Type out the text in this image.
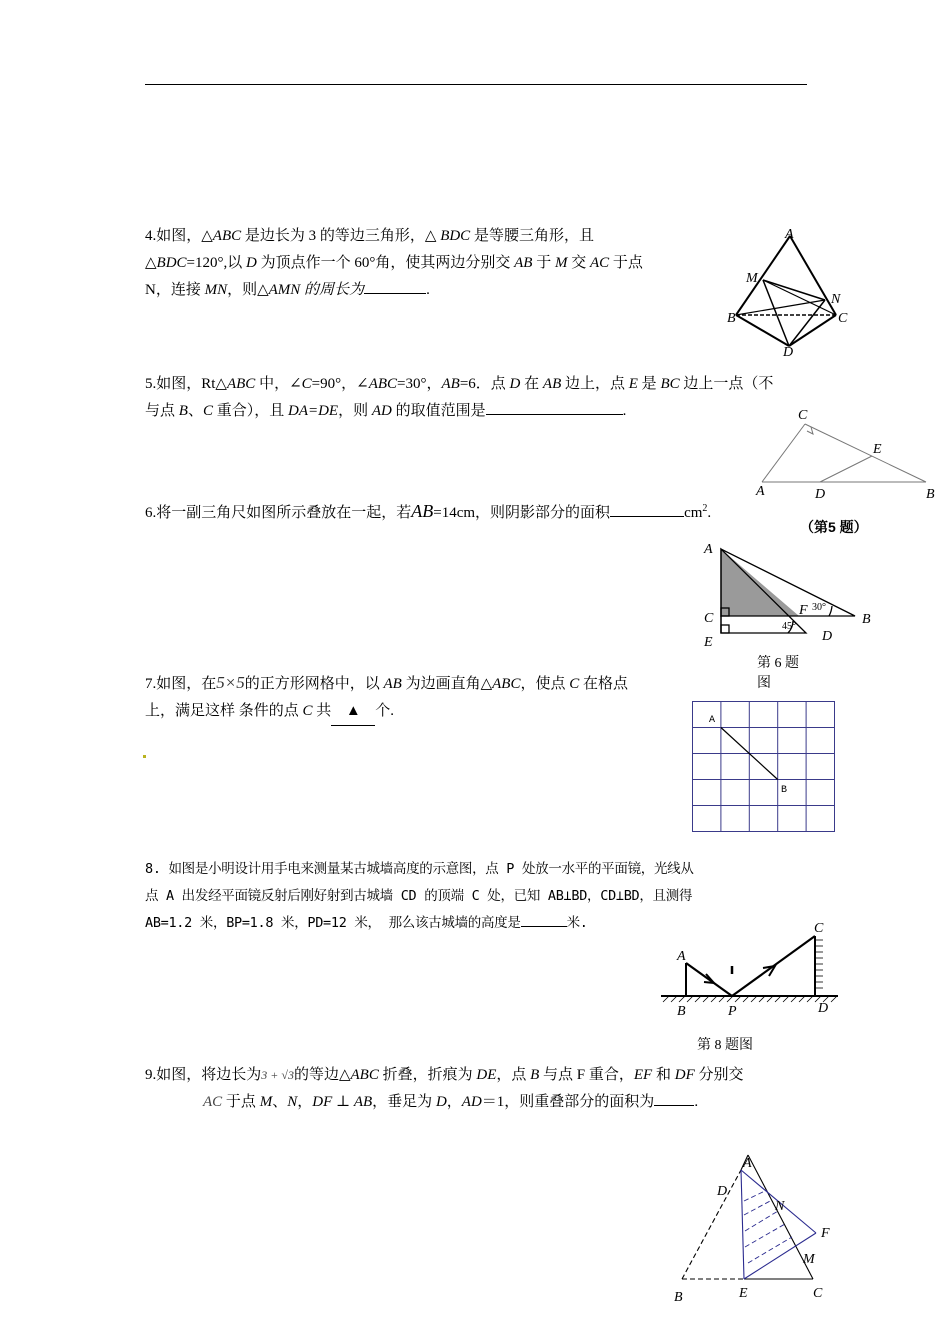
4.如图，△ABC 是边长为 3 的等边三角形，△ BDC 是等腰三角形，且
△BDC=120°,以 D 为顶点作一个 60°角，使其两边分别交 AB 于 M 交 AC 于点
N，连接 MN，则△AMN 的周长为	.
A
M
N
B	C
D
5.如图，Rt△ABC 中，∠C=90°，∠ABC=30°，AB=6．点 D 在 AB 边上，点 E 是 BC 边上一点（不
与点 B、C 重合），且 DA=DE，则 AD 的取值范围是	.	C
E
A	D	B
（第5 题）
6.将一副三角尺如图所示叠放在一起，若AB=14cm，则阴影部分的面积	$cm^2$.
A
C
E
F
B
D
30°
45°
第 6 题
图
7.如图，在5×5的正方形网格中，以 AB 为边画直角△ABC，使点 C 在格点
上，满足这样 条件的点 C 共 ▲ 个.
A
B
8. 如图是小明设计用手电来测量某古城墙高度的示意图，点 P 处放一水平的平面镜，光线从
点 A 出发经平面镜反射后刚好射到古城墙 CD 的顶端 C 处，已知 AB⊥BD，CD⊥BD，且测得
AB=1.2 米，BP=1.8 米，PD=12 米， 那么该古城墙的高度是	米.
A
B	P
C
D
第 8 题图
9.如图，将边长为3 + √3的等边△ABC 折叠，折痕为 DE，点 B 与点 F 重合，EF 和 DF 分别交
AC 于点 M、N，DF ⊥ AB，垂足为 D，AD＝1，则重叠部分的面积为	.
A
D
N
F
M
B	E	C
